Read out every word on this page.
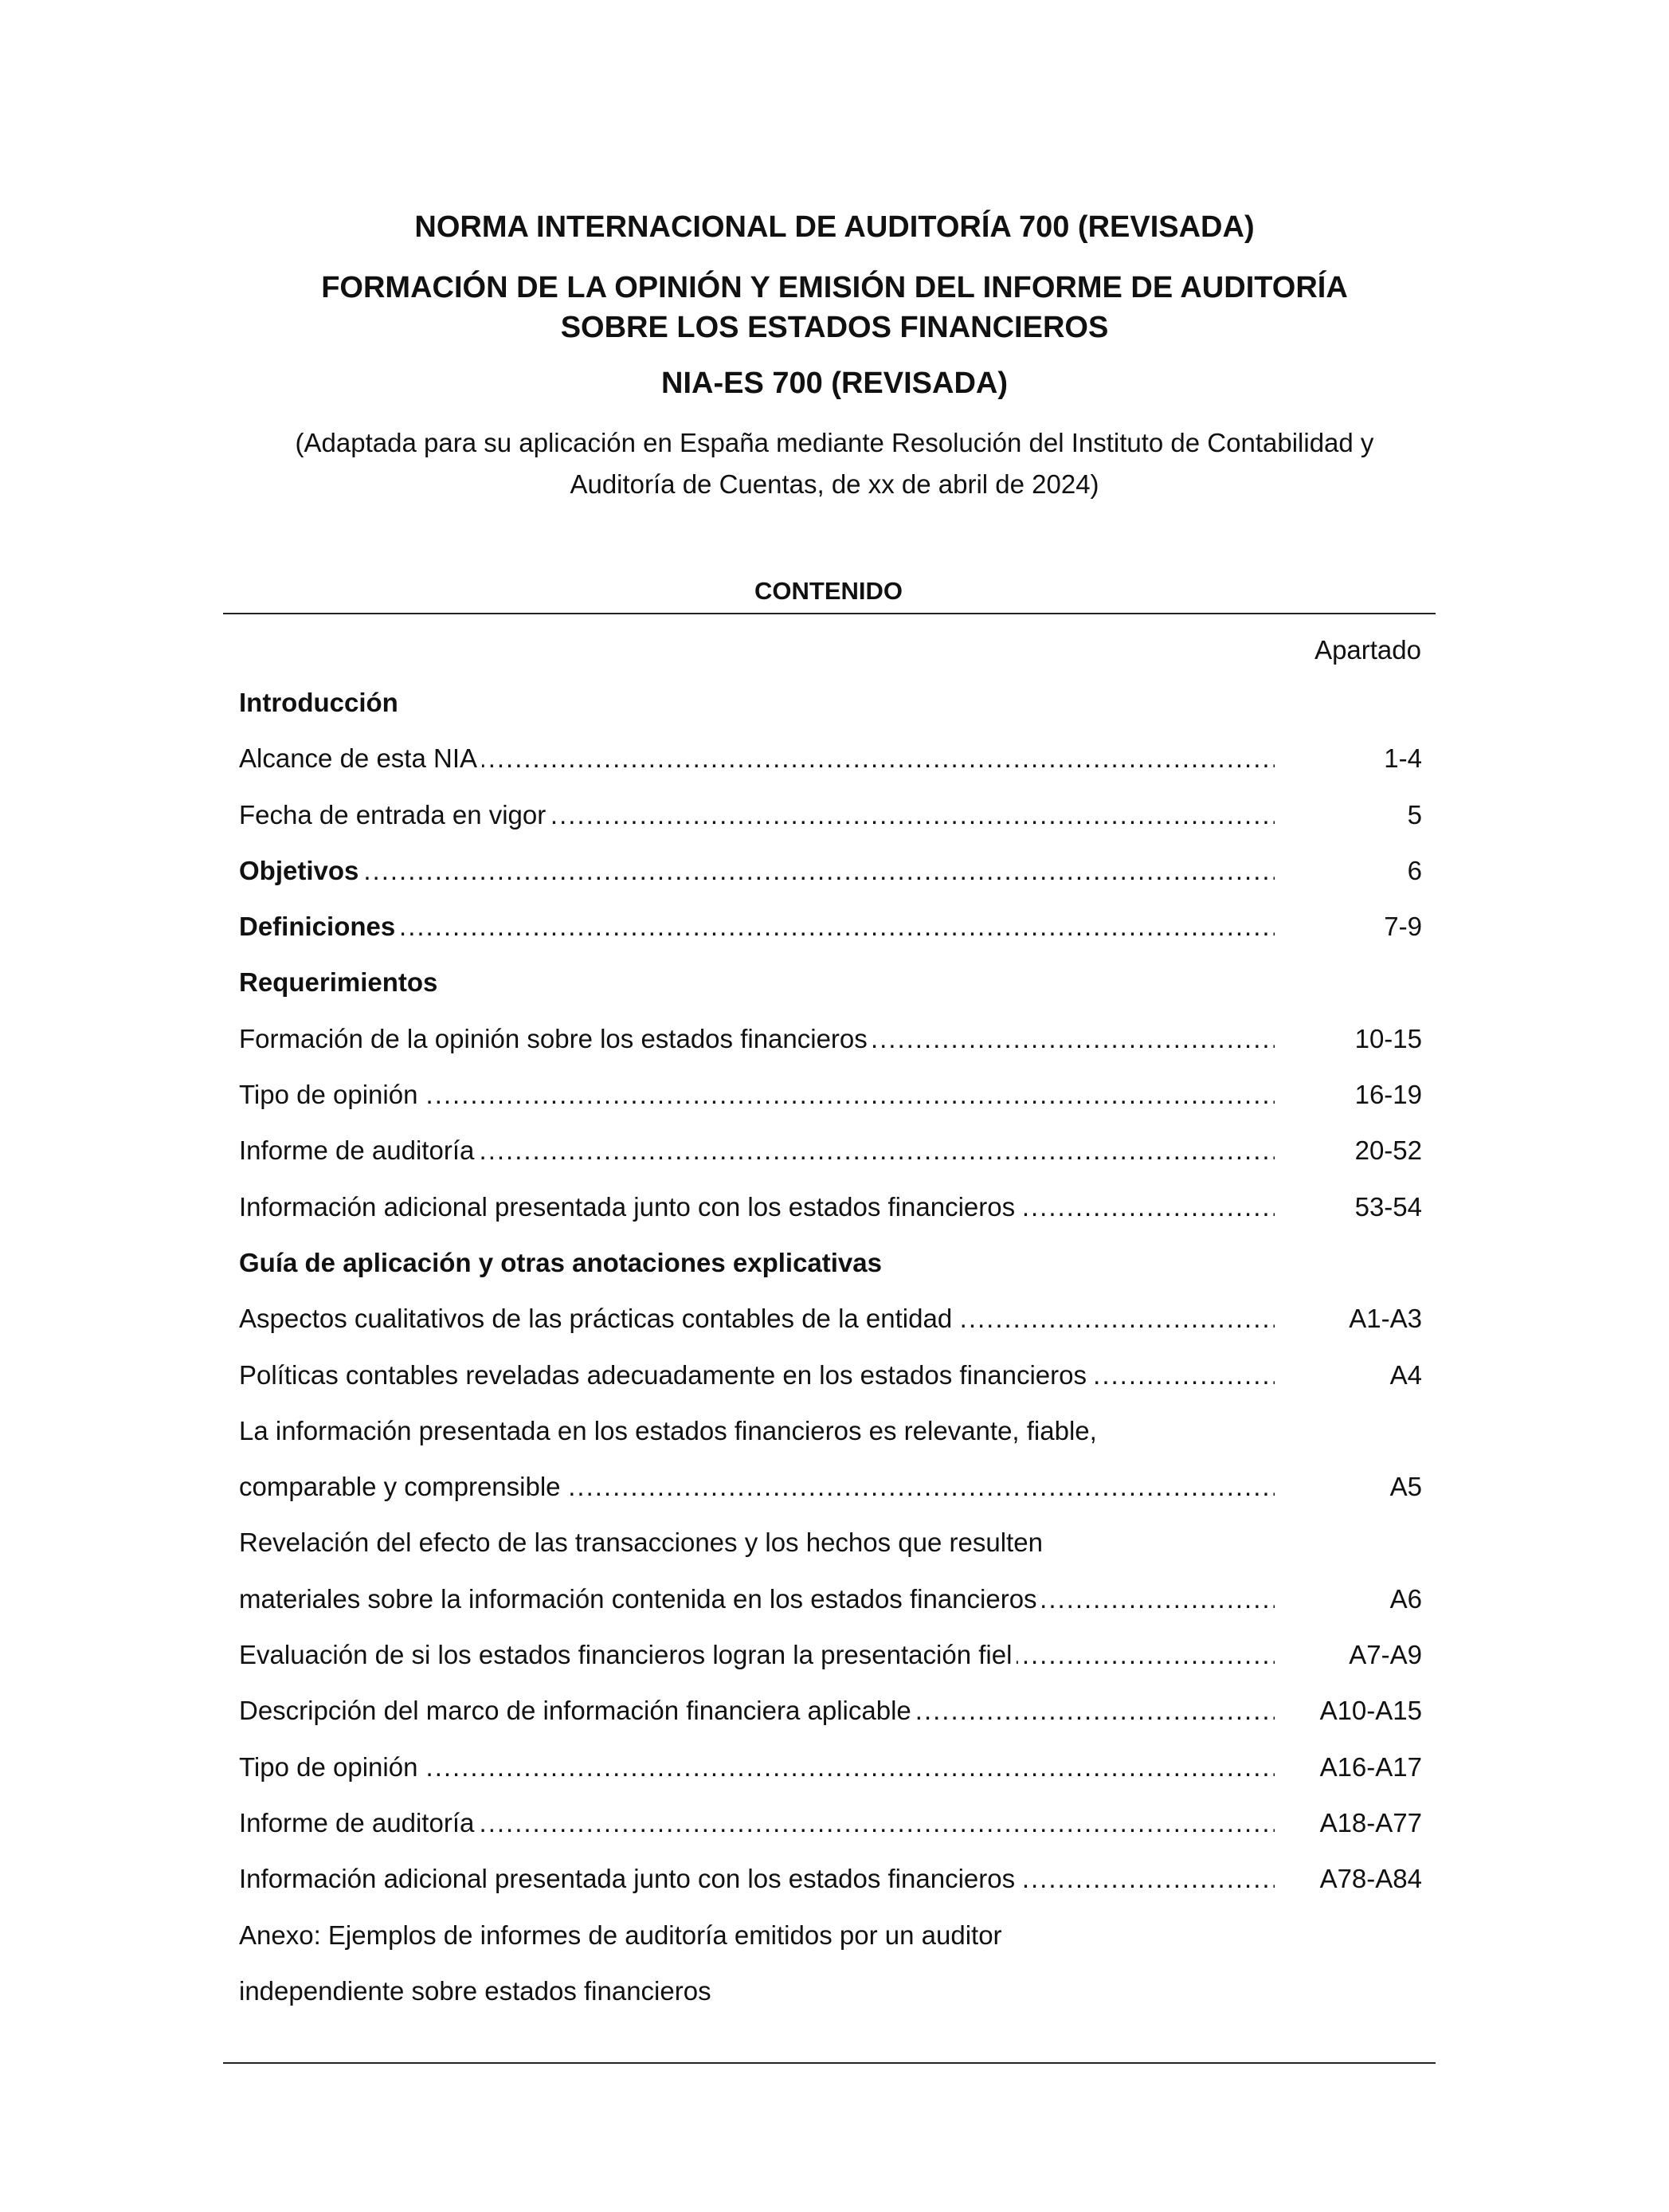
NORMA INTERNACIONAL DE AUDITORÍA 700 (REVISADA)
FORMACIÓN DE LA OPINIÓN Y EMISIÓN DEL INFORME DE AUDITORÍA
SOBRE LOS ESTADOS FINANCIEROS
NIA-ES 700 (REVISADA)
(Adaptada para su aplicación en España mediante Resolución del Instituto de Contabilidad y
Auditoría de Cuentas, de xx de abril de 2024)
CONTENIDO
Apartado
Introducción
.....
Alcance de esta NIA	1-4
.....
Fecha de entrada en vigor	5
.....
Objetivos	6
.....
Definiciones	7-9
Requerimientos
.....
Formación de la opinión sobre los estados financieros	10-15
.....
Tipo de opinión	16-19
.....
Informe de auditoría	20-52
.....
Información adicional presentada junto con los estados financieros	53-54
Guía de aplicación y otras anotaciones explicativas
.....
Aspectos cualitativos de las prácticas contables de la entidad	A1-A3
.....
Políticas contables reveladas adecuadamente en los estados financieros	A4
La información presentada en los estados financieros es relevante, fiable,
.....
comparable y comprensible	A5
Revelación del efecto de las transacciones y los hechos que resulten
.....
materiales sobre la información contenida en los estados financieros	A6
.....
Evaluación de si los estados financieros logran la presentación fiel	A7-A9
.....
Descripción del marco de información financiera aplicable	A10-A15
.....
Tipo de opinión	A16-A17
.....
Informe de auditoría	A18-A77
.....
Información adicional presentada junto con los estados financieros	A78-A84
Anexo: Ejemplos de informes de auditoría emitidos por un auditor
independiente sobre estados financieros
